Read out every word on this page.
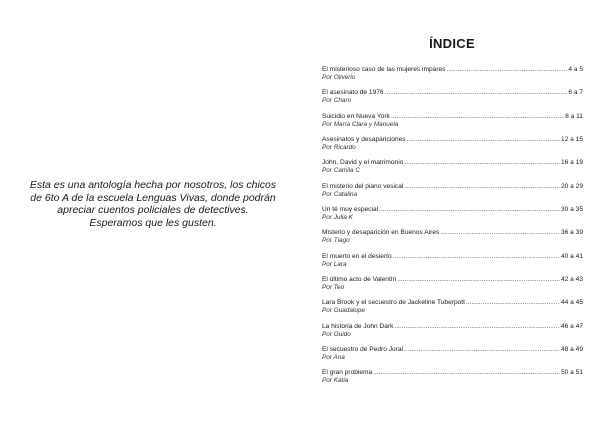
Esta es una antología hecha por nosotros, los chicos
de 6to A de la escuela Lenguas Vivas, donde podrán
apreciar cuentos policiales de detectives.
Esperamos que les gusten.

ÍNDICE
El misterioso caso de las mujeres impares .....	4 a 5
Por Oliverio
El asesinato de 1976 .....	6 a 7
Por Charo
Suicidio en Nueva York .....	8 a 11
Por María Clara y Manuela
Asesinatos y desapariciones .....	12 a 15
Por Ricardo
John, David y el matrimonio .....	16 a 19
Por Camila C
El misterio del piano vesical .....	20 a 29
Por Catalina
Un té muy especial .....	30 a 35
Por Julia K
Misterio y desaparición en Buenos Aires .....	36 a 39
Por Tiago
El muerto en el desierto .....	40 a 41
Por Lara
El último acto de Valentín .....	42 a 43
Por Teo
Lara Brook y el secuestro de Jackeline Tuberpott .....	44 a 45
Por Guadalupe
La historia de John Dark .....	46 a 47
Por Guido
El secuestro de Pedro Joral .....	48 a 49
Por Ana
El gran problema .....	50 a 51
Por Katia
